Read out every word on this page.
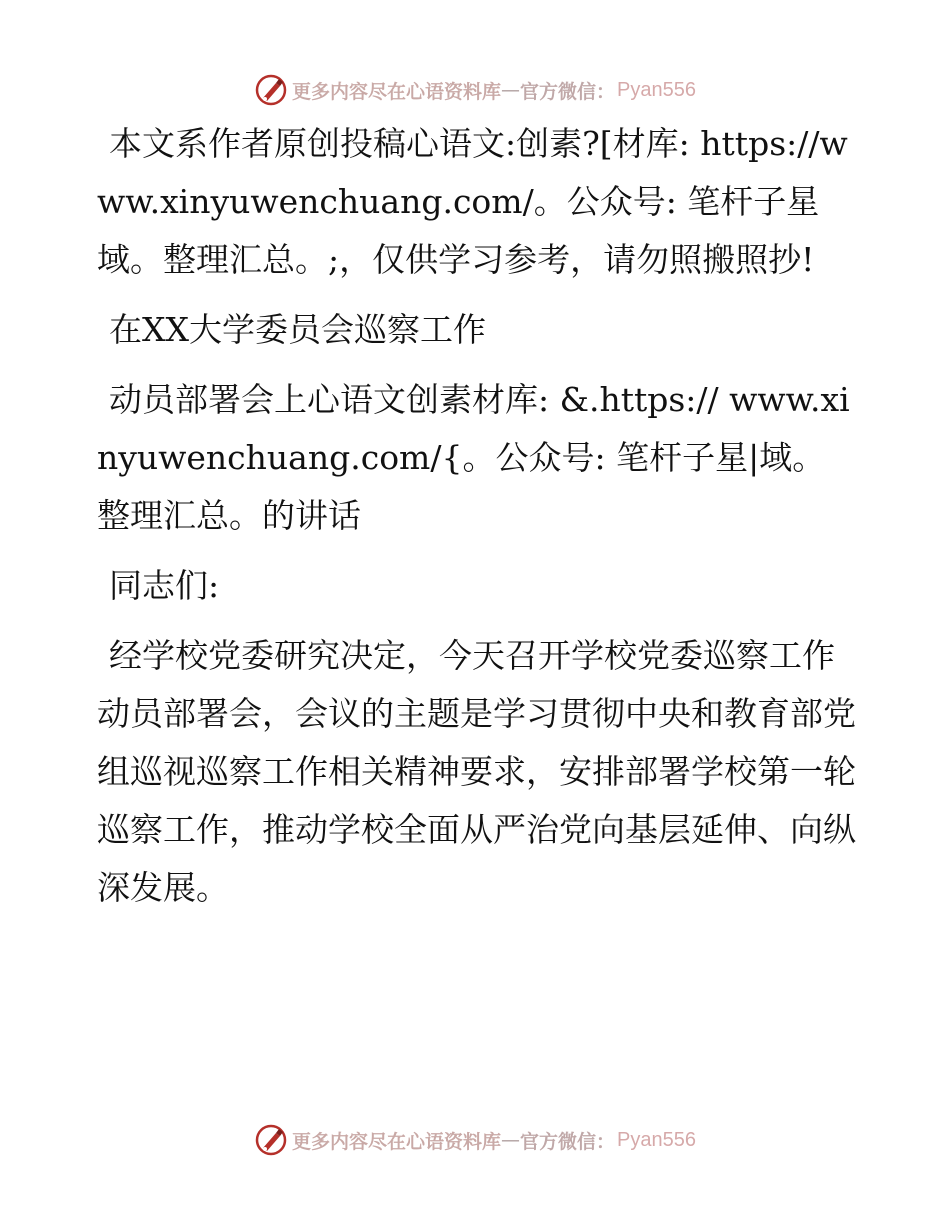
更多内容尽在心语资料库 — 官方微信： Pyan556

本文系作者原创投稿心语文:创素?[材库: https://www.xinyuwenchuang.com/。公众号: 笔杆子星域。整理汇总。;，仅供学习参考，请勿照搬照抄!

在XX大学委员会巡察工作

动员部署会上心语文创素材库: &.https:// www.xinyuwenchuang.com/{。公众号: 笔杆子星|域。整理汇总。的讲话

同志们:

经学校党委研究决定，今天召开学校党委巡察工作动员部署会，会议的主题是学习贯彻中央和教育部党组巡视巡察工作相关精神要求，安排部署学校第一轮巡察工作，推动学校全面从严治党向基层延伸、向纵深发展。

更多内容尽在心语资料库 — 官方微信： Pyan556
